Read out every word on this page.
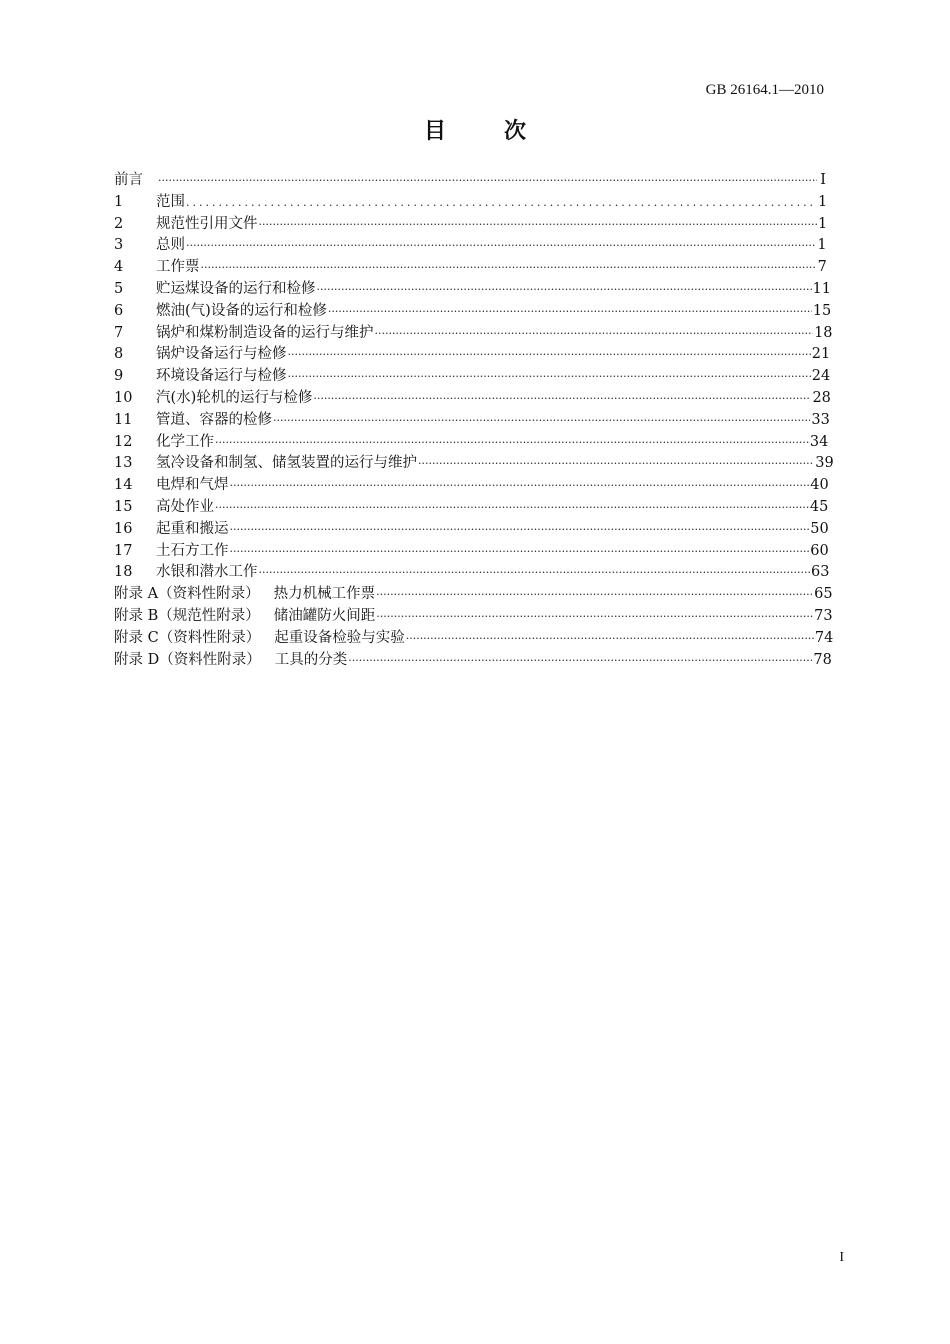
GB 26164.1—2010
目次
前言 ·····	I
1	范围 .....	1
2	规范性引用文件 ·····	1
3	总则 ·····	1
4	工作票 ·····	7
5	贮运煤设备的运行和检修 ·····	11
6	燃油(气)设备的运行和检修 ·····	15
7	锅炉和煤粉制造设备的运行与维护 ·····	18
8	锅炉设备运行与检修 ·····	21
9	环境设备运行与检修 ·····	24
10	汽(水)轮机的运行与检修 ·····	28
11	管道、容器的检修 ·····	33
12	化学工作 ·····	34
13	氢冷设备和制氢、储氢装置的运行与维护 ·····	39
14	电焊和气焊 ·····	40
15	高处作业 ·····	45
16	起重和搬运 ·····	50
17	土石方工作 ·····	60
18	水银和潜水工作 ·····	63
附录 A（资料性附录） 热力机械工作票 ·····	65
附录 B（规范性附录） 储油罐防火间距 ·····	73
附录 C（资料性附录） 起重设备检验与实验 ·····	74
附录 D（资料性附录） 工具的分类 ·····	78
I
